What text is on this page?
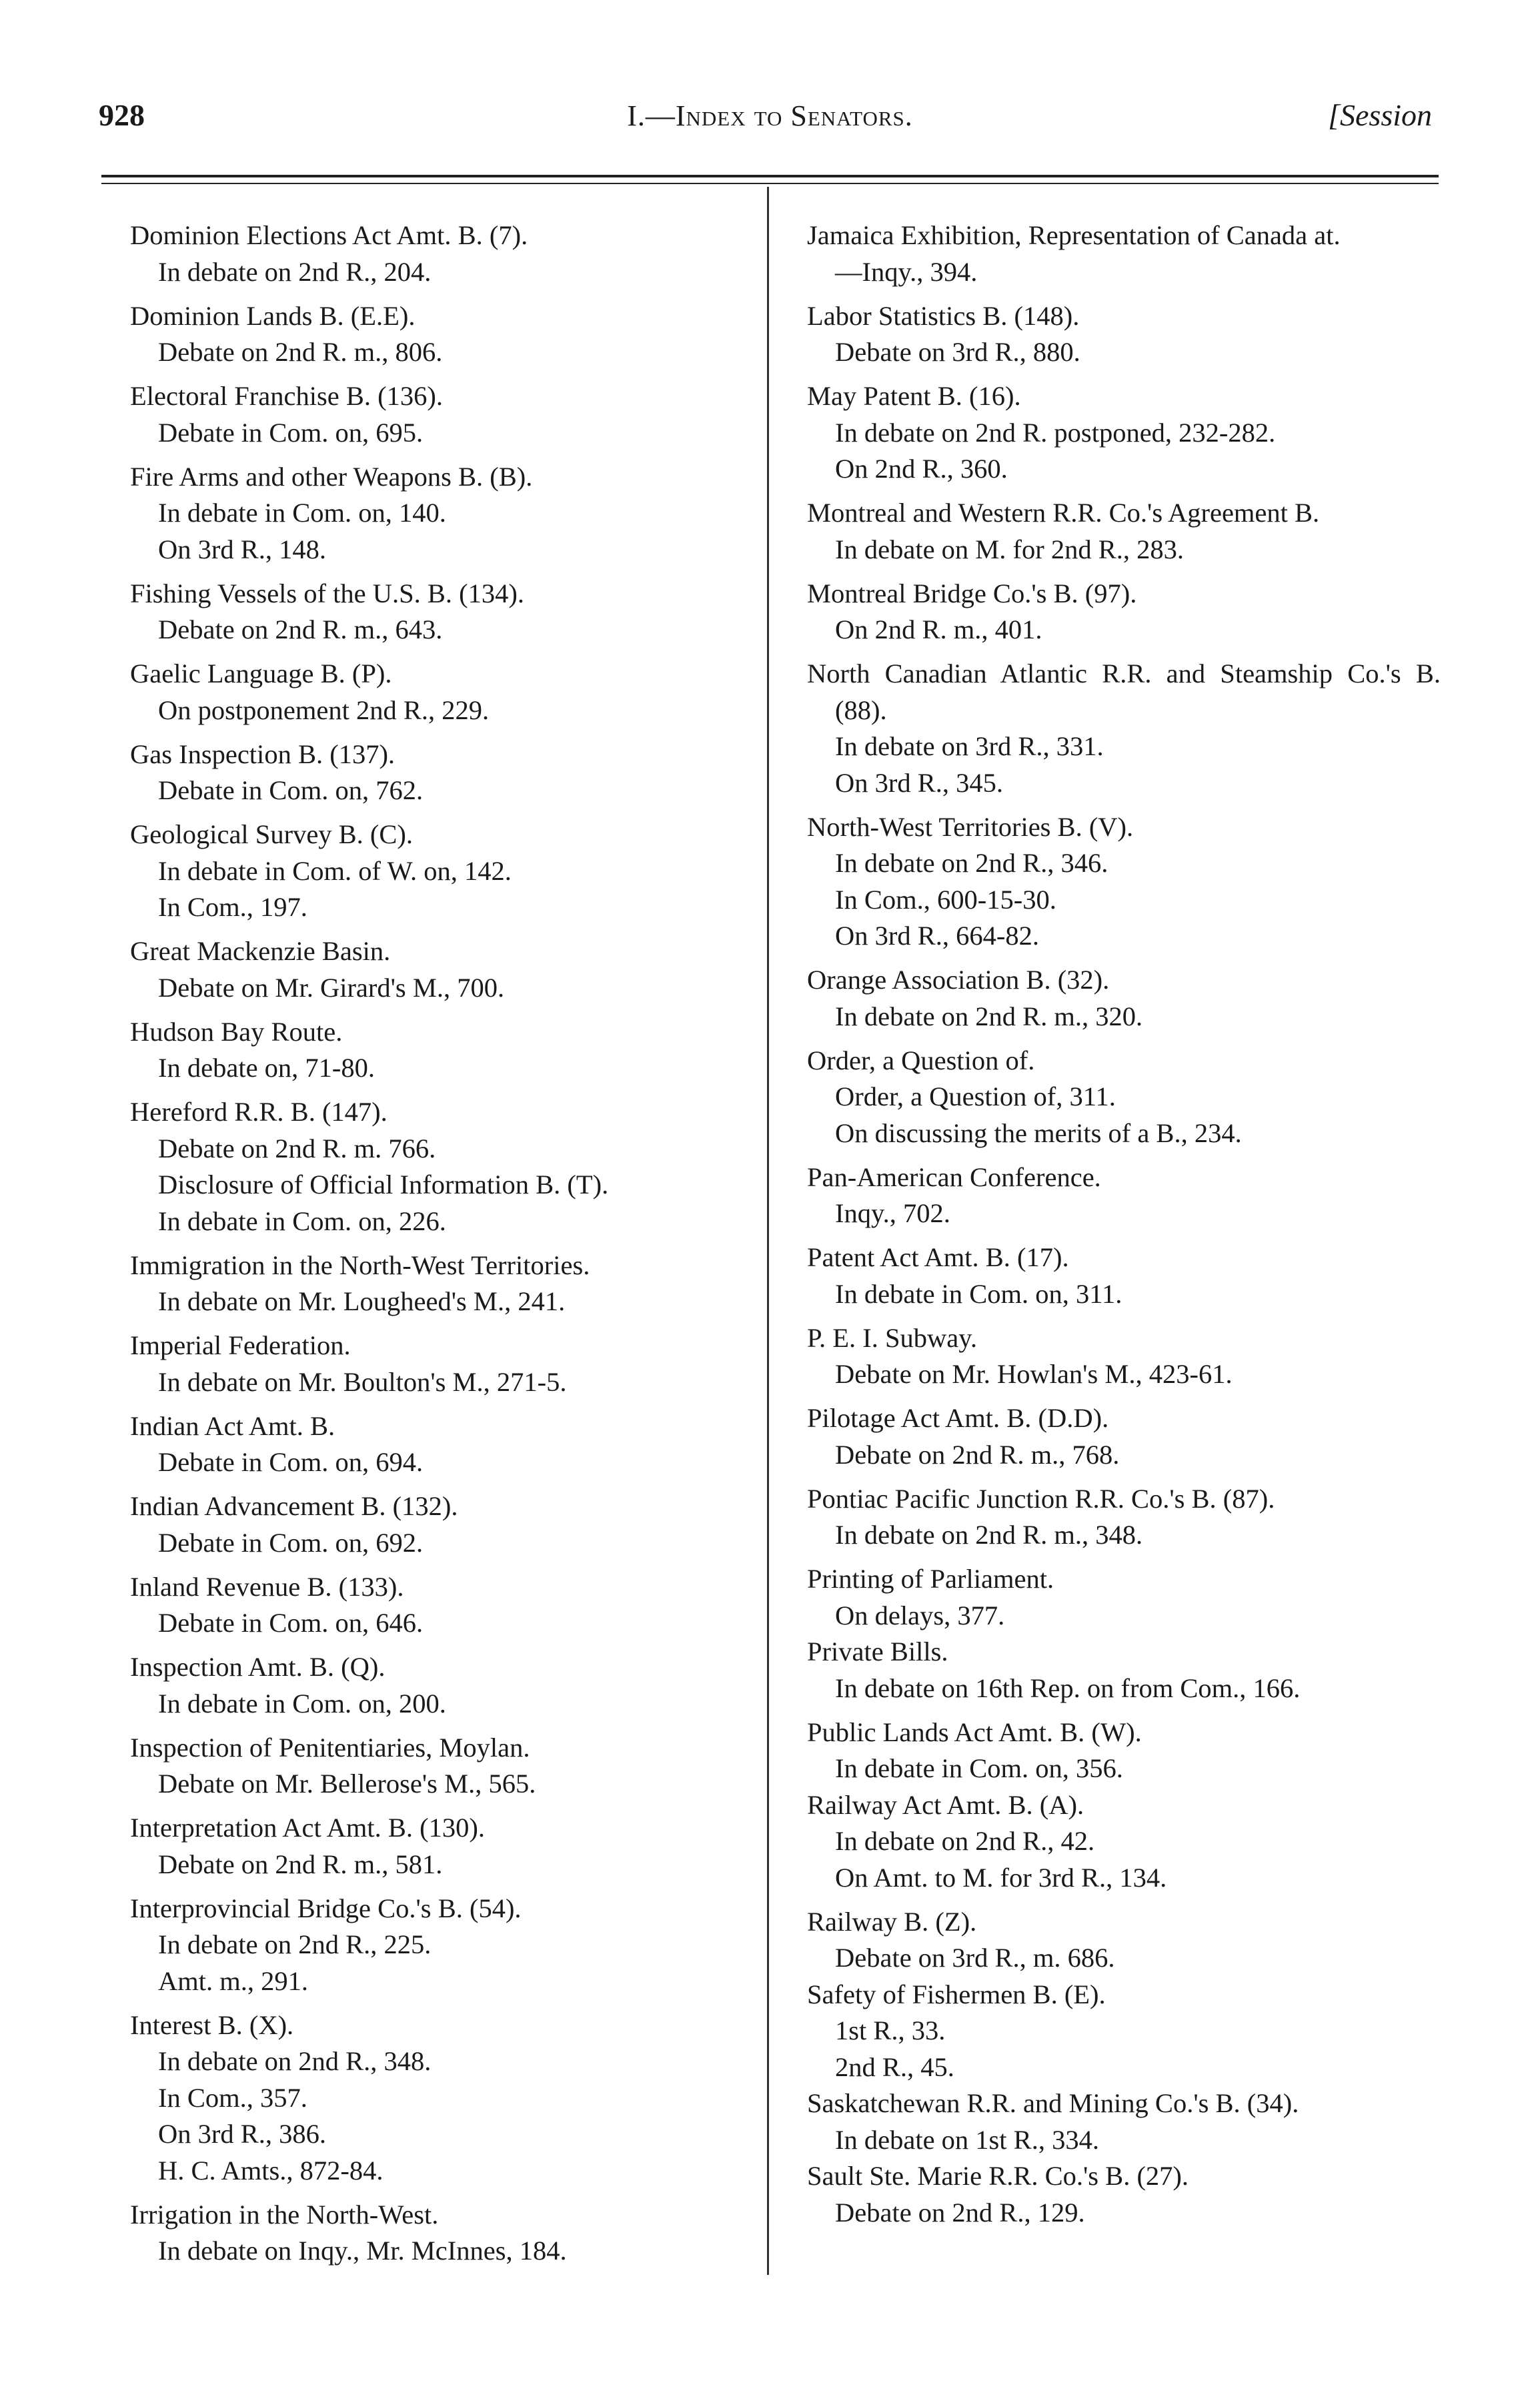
928	I.—Index to Senators.	[Session
Dominion Elections Act Amt. B. (7).
In debate on 2nd R., 204.
Dominion Lands B. (E.E).
Debate on 2nd R. m., 806.
Electoral Franchise B. (136).
Debate in Com. on, 695.
Fire Arms and other Weapons B. (B).
In debate in Com. on, 140.
On 3rd R., 148.
Fishing Vessels of the U.S. B. (134).
Debate on 2nd R. m., 643.
Gaelic Language B. (P).
On postponement 2nd R., 229.
Gas Inspection B. (137).
Debate in Com. on, 762.
Geological Survey B. (C).
In debate in Com. of W. on, 142.
In Com., 197.
Great Mackenzie Basin.
Debate on Mr. Girard's M., 700.
Hudson Bay Route.
In debate on, 71-80.
Hereford R.R. B. (147).
Debate on 2nd R. m. 766.
Disclosure of Official Information B. (T).
In debate in Com. on, 226.
Immigration in the North-West Territories.
In debate on Mr. Lougheed's M., 241.
Imperial Federation.
In debate on Mr. Boulton's M., 271-5.
Indian Act Amt. B.
Debate in Com. on, 694.
Indian Advancement B. (132).
Debate in Com. on, 692.
Inland Revenue B. (133).
Debate in Com. on, 646.
Inspection Amt. B. (Q).
In debate in Com. on, 200.
Inspection of Penitentiaries, Moylan.
Debate on Mr. Bellerose's M., 565.
Interpretation Act Amt. B. (130).
Debate on 2nd R. m., 581.
Interprovincial Bridge Co.'s B. (54).
In debate on 2nd R., 225.
Amt. m., 291.
Interest B. (X).
In debate on 2nd R., 348.
In Com., 357.
On 3rd R., 386.
H. C. Amts., 872-84.
Irrigation in the North-West.
In debate on Inqy., Mr. McInnes, 184.
Jamaica Exhibition, Representation of Canada at.
—Inqy., 394.
Labor Statistics B. (148).
Debate on 3rd R., 880.
May Patent B. (16).
In debate on 2nd R. postponed, 232-282.
On 2nd R., 360.
Montreal and Western R.R. Co.'s Agreement B.
In debate on M. for 2nd R., 283.
Montreal Bridge Co.'s B. (97).
On 2nd R. m., 401.
North Canadian Atlantic R.R. and Steamship Co.'s B. (88).
In debate on 3rd R., 331.
On 3rd R., 345.
North-West Territories B. (V).
In debate on 2nd R., 346.
In Com., 600-15-30.
On 3rd R., 664-82.
Orange Association B. (32).
In debate on 2nd R. m., 320.
Order, a Question of.
Order, a Question of, 311.
On discussing the merits of a B., 234.
Pan-American Conference.
Inqy., 702.
Patent Act Amt. B. (17).
In debate in Com. on, 311.
P. E. I. Subway.
Debate on Mr. Howlan's M., 423-61.
Pilotage Act Amt. B. (D.D).
Debate on 2nd R. m., 768.
Pontiac Pacific Junction R.R. Co.'s B. (87).
In debate on 2nd R. m., 348.
Printing of Parliament.
On delays, 377.
Private Bills.
In debate on 16th Rep. on from Com., 166.
Public Lands Act Amt. B. (W).
In debate in Com. on, 356.
Railway Act Amt. B. (A).
In debate on 2nd R., 42.
On Amt. to M. for 3rd R., 134.
Railway B. (Z).
Debate on 3rd R., m. 686.
Safety of Fishermen B. (E).
1st R., 33.
2nd R., 45.
Saskatchewan R.R. and Mining Co.'s B. (34).
In debate on 1st R., 334.
Sault Ste. Marie R.R. Co.'s B. (27).
Debate on 2nd R., 129.
